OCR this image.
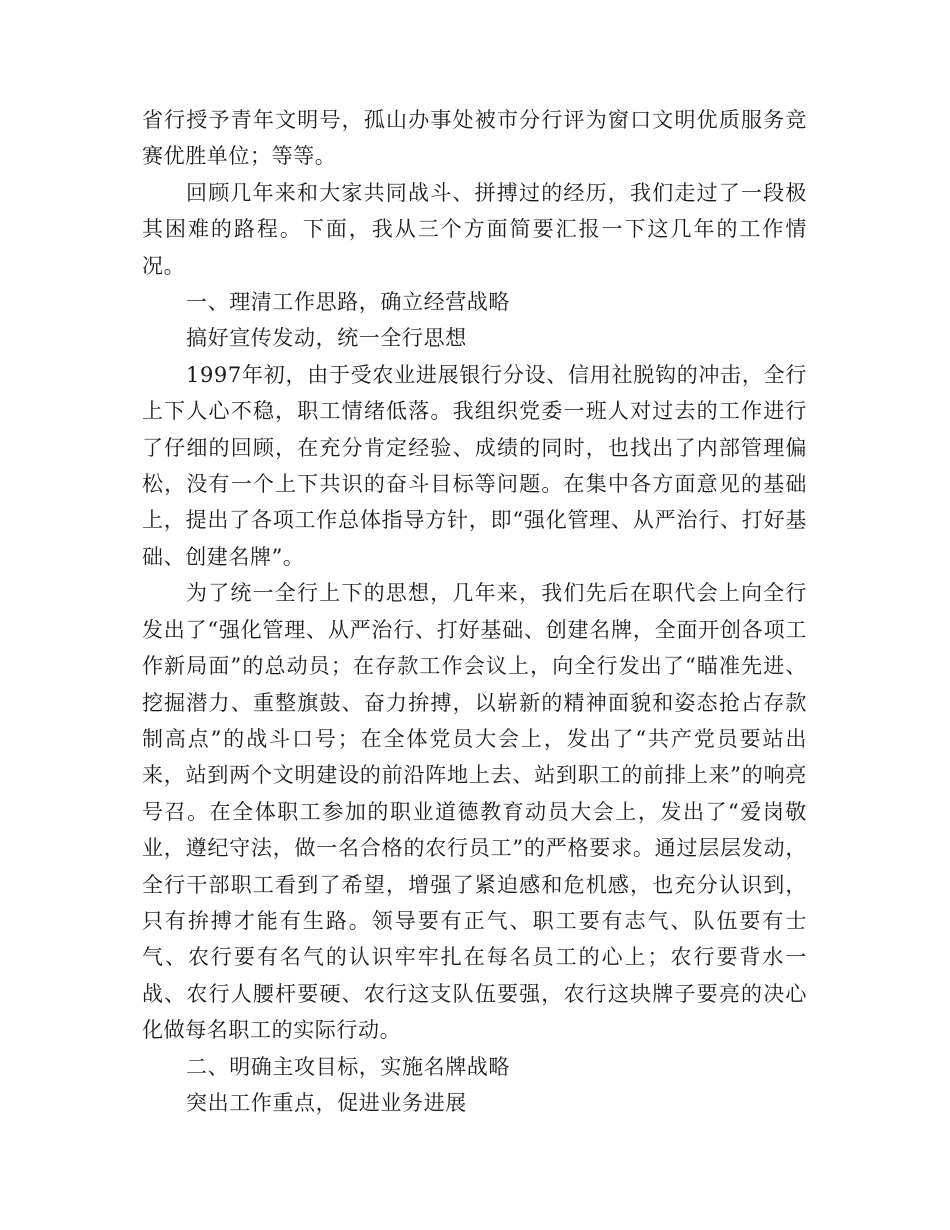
省行授予青年文明号，孤山办事处被市分行评为窗口文明优质服务竞赛优胜单位；等等。

回顾几年来和大家共同战斗、拼搏过的经历，我们走过了一段极其困难的路程。下面，我从三个方面简要汇报一下这几年的工作情况。

一、理清工作思路，确立经营战略

搞好宣传发动，统一全行思想

1997年初，由于受农业进展银行分设、信用社脱钩的冲击，全行上下人心不稳，职工情绪低落。我组织党委一班人对过去的工作进行了仔细的回顾，在充分肯定经验、成绩的同时，也找出了内部管理偏松，没有一个上下共识的奋斗目标等问题。在集中各方面意见的基础上，提出了各项工作总体指导方针，即“强化管理、从严治行、打好基础、创建名牌”。

为了统一全行上下的思想，几年来，我们先后在职代会上向全行发出了“强化管理、从严治行、打好基础、创建名牌，全面开创各项工作新局面”的总动员；在存款工作会议上，向全行发出了“瞄准先进、挖掘潜力、重整旗鼓、奋力拚搏，以崭新的精神面貌和姿态抢占存款制高点”的战斗口号；在全体党员大会上，发出了“共产党员要站出来，站到两个文明建设的前沿阵地上去、站到职工的前排上来”的响亮号召。在全体职工参加的职业道德教育动员大会上，发出了“爱岗敬业，遵纪守法，做一名合格的农行员工”的严格要求。通过层层发动，全行干部职工看到了希望，增强了紧迫感和危机感，也充分认识到，只有拚搏才能有生路。领导要有正气、职工要有志气、队伍要有士气、农行要有名气的认识牢牢扎在每名员工的心上；农行要背水一战、农行人腰杆要硬、农行这支队伍要强，农行这块牌子要亮的决心化做每名职工的实际行动。

二、明确主攻目标，实施名牌战略

突出工作重点，促进业务进展
